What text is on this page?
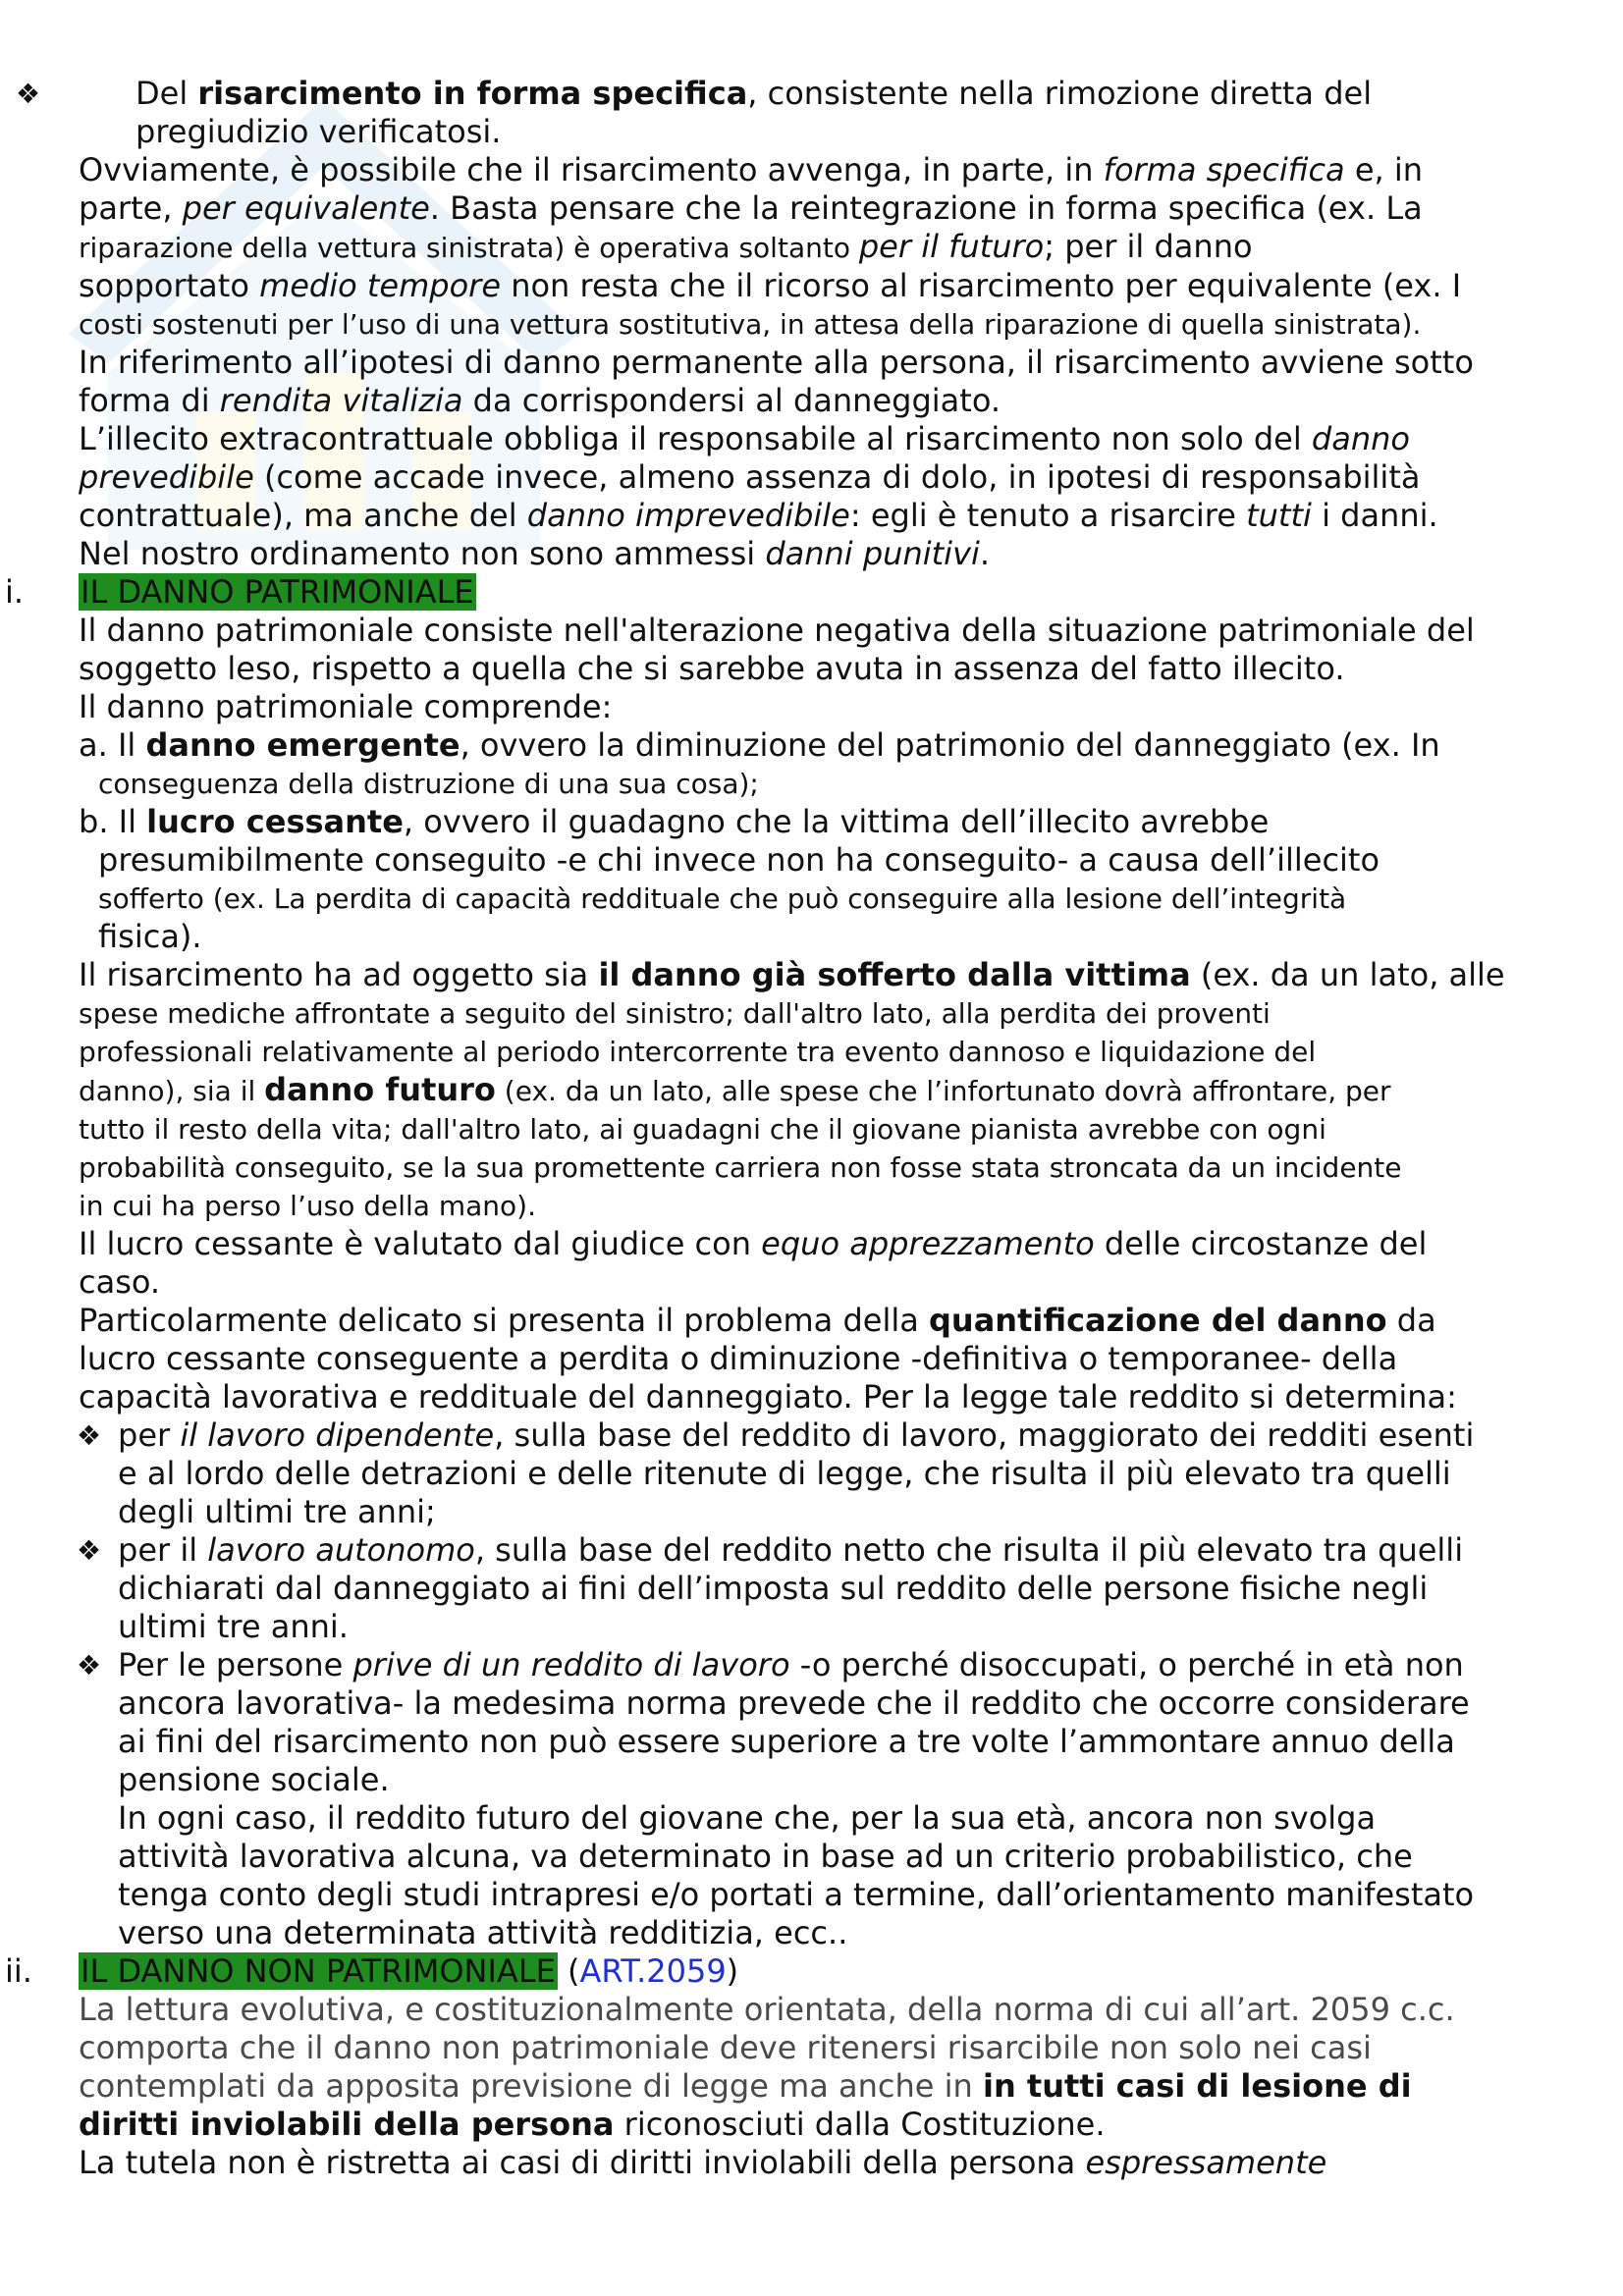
❖	Del risarcimento in forma specifica, consistente nella rimozione diretta del
pregiudizio verificatosi.
Ovviamente, è possibile che il risarcimento avvenga, in parte, in forma specifica e, in
parte, per equivalente. Basta pensare che la reintegrazione in forma specifica (ex. La
riparazione della vettura sinistrata) è operativa soltanto per il futuro; per il danno
sopportato medio tempore non resta che il ricorso al risarcimento per equivalente (ex. I
costi sostenuti per l’uso di una vettura sostitutiva, in attesa della riparazione di quella sinistrata).
In riferimento all’ipotesi di danno permanente alla persona, il risarcimento avviene sotto
forma di rendita vitalizia da corrispondersi al danneggiato.
L’illecito extracontrattuale obbliga il responsabile al risarcimento non solo del danno
prevedibile (come accade invece, almeno assenza di dolo, in ipotesi di responsabilità
contrattuale), ma anche del danno imprevedibile: egli è tenuto a risarcire tutti i danni.
Nel nostro ordinamento non sono ammessi danni punitivi.
i. IL DANNO PATRIMONIALE
Il danno patrimoniale consiste nell'alterazione negativa della situazione patrimoniale del
soggetto leso, rispetto a quella che si sarebbe avuta in assenza del fatto illecito.
Il danno patrimoniale comprende:
a. Il danno emergente, ovvero la diminuzione del patrimonio del danneggiato (ex. In
conseguenza della distruzione di una sua cosa);
b. Il lucro cessante, ovvero il guadagno che la vittima dell’illecito avrebbe
presumibilmente conseguito -e chi invece non ha conseguito- a causa dell’illecito
sofferto (ex. La perdita di capacità reddituale che può conseguire alla lesione dell’integrità
fisica).
Il risarcimento ha ad oggetto sia il danno già sofferto dalla vittima (ex. da un lato, alle
spese mediche affrontate a seguito del sinistro; dall'altro lato, alla perdita dei proventi
professionali relativamente al periodo intercorrente tra evento dannoso e liquidazione del
danno), sia il danno futuro (ex. da un lato, alle spese che l’infortunato dovrà affrontare, per
tutto il resto della vita; dall'altro lato, ai guadagni che il giovane pianista avrebbe con ogni
probabilità conseguito, se la sua promettente carriera non fosse stata stroncata da un incidente
in cui ha perso l’uso della mano).
Il lucro cessante è valutato dal giudice con equo apprezzamento delle circostanze del
caso.
Particolarmente delicato si presenta il problema della quantificazione del danno da
lucro cessante conseguente a perdita o diminuzione -definitiva o temporanee- della
capacità lavorativa e reddituale del danneggiato. Per la legge tale reddito si determina:
❖ per il lavoro dipendente, sulla base del reddito di lavoro, maggiorato dei redditi esenti
e al lordo delle detrazioni e delle ritenute di legge, che risulta il più elevato tra quelli
degli ultimi tre anni;
❖ per il lavoro autonomo, sulla base del reddito netto che risulta il più elevato tra quelli
dichiarati dal danneggiato ai fini dell’imposta sul reddito delle persone fisiche negli
ultimi tre anni.
❖ Per le persone prive di un reddito di lavoro -o perché disoccupati, o perché in età non
ancora lavorativa- la medesima norma prevede che il reddito che occorre considerare
ai fini del risarcimento non può essere superiore a tre volte l’ammontare annuo della
pensione sociale.
In ogni caso, il reddito futuro del giovane che, per la sua età, ancora non svolga
attività lavorativa alcuna, va determinato in base ad un criterio probabilistico, che
tenga conto degli studi intrapresi e/o portati a termine, dall’orientamento manifestato
verso una determinata attività redditizia, ecc..
ii. IL DANNO NON PATRIMONIALE (ART.2059)
La lettura evolutiva, e costituzionalmente orientata, della norma di cui all’art. 2059 c.c.
comporta che il danno non patrimoniale deve ritenersi risarcibile non solo nei casi
contemplati da apposita previsione di legge ma anche in in tutti casi di lesione di
diritti inviolabili della persona riconosciuti dalla Costituzione.
La tutela non è ristretta ai casi di diritti inviolabili della persona espressamente
